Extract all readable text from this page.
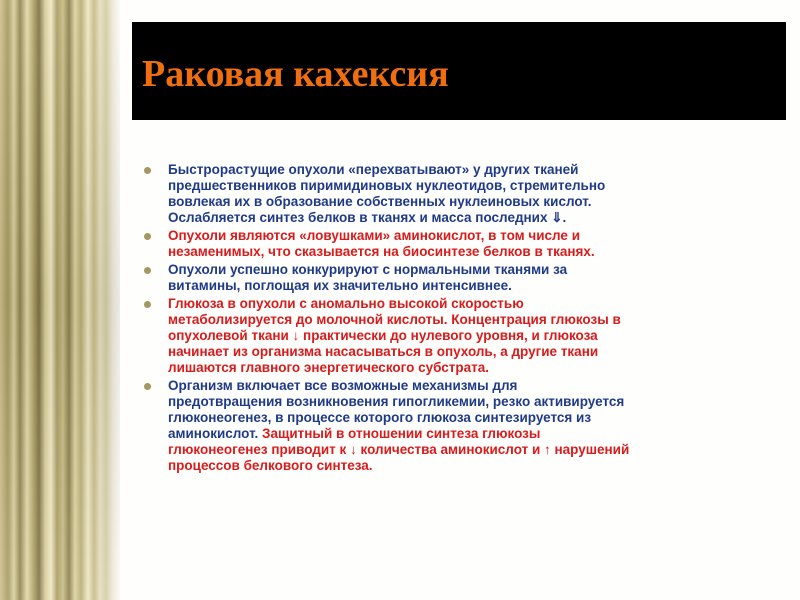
Раковая кахексия
Быстрорастущие опухоли «перехватывают» у других тканей
предшественников пиримидиновых нуклеотидов, стремительно
вовлекая их в образование собственных нуклеиновых кислот.
Ослабляется синтез белков в тканях и масса последних ⇓.
Опухоли являются «ловушками» аминокислот, в том числе и
незаменимых, что сказывается на биосинтезе белков в тканях.
Опухоли успешно конкурируют с нормальными тканями за
витамины, поглощая их значительно интенсивнее.
Глюкоза в опухоли с аномально высокой скоростью
метаболизируется до молочной кислоты. Концентрация глюкозы в
опухолевой ткани ↓ практически до нулевого уровня, и глюкоза
начинает из организма насасываться в опухоль, а другие ткани
лишаются главного энергетического субстрата.
Организм включает все возможные механизмы для
предотвращения возникновения гипогликемии, резко активируется
глюконеогенез, в процессе которого глюкоза синтезируется из
аминокислот. Защитный в отношении синтеза глюкозы
глюконеогенез приводит к ↓ количества аминокислот и ↑ нарушений
процессов белкового синтеза.
